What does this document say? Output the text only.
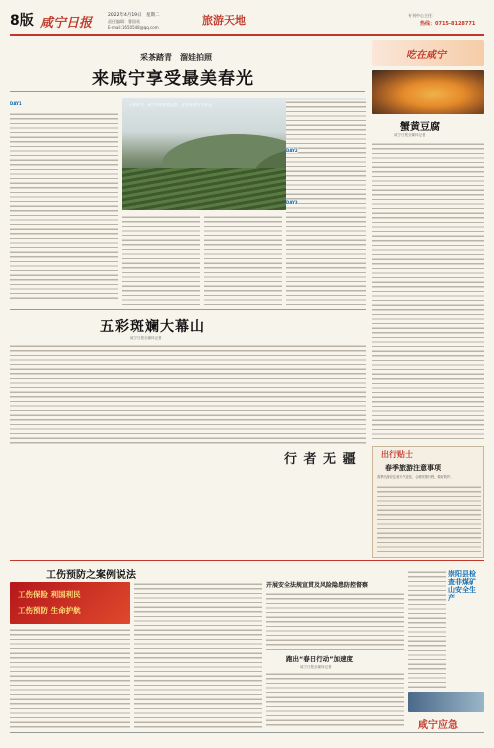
8版 咸宁日报
2022年4月19日　星期二
责任编辑：曹国英
E-mail:1650548@qq.com
旅游天地	专刊中心主任：
热线：0715-8128771
采茶踏青　溜娃拍照
来咸宁享受最美春光
DAY1

　	入春时节，咸宁各地春意盎然，处处美景引人驻足。
DAY2
DAY3
吃在咸宁
蟹黄豆腐
咸宁日报全媒体记者
五彩斑斓大幕山
咸宁日报全媒体记者
出行贴士
春季旅游注意事项
春季出游应注意天气变化，合理安排行程，做好防护。
行 者 无 疆
工伤预防之案例说法
工伤保险 利国利民
工伤预防 生命护航
开展安全法规宣贯及风险隐患防控督察
跑出“春日行动”加速度
咸宁日报全媒体记者
崇阳县检查非煤矿山安全生产
咸宁应急
